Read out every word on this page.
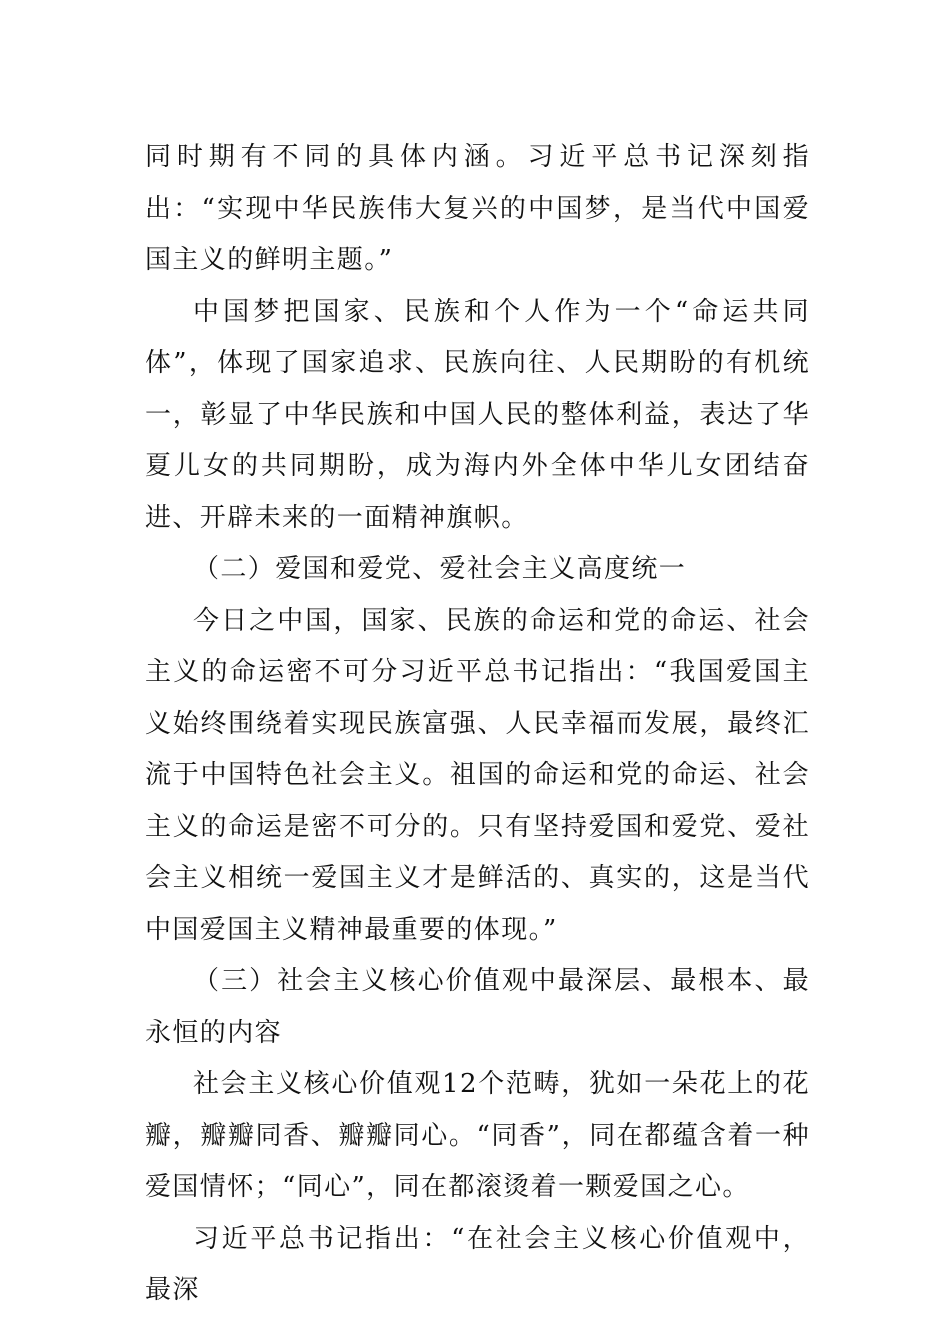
同时期有不同的具体内涵。习近平总书记深刻指出：“实现中华民族伟大复兴的中国梦，是当代中国爱国主义的鲜明主题。”

中国梦把国家、民族和个人作为一个“命运共同体”，体现了国家追求、民族向往、人民期盼的有机统一，彰显了中华民族和中国人民的整体利益，表达了华夏儿女的共同期盼，成为海内外全体中华儿女团结奋进、开辟未来的一面精神旗帜。

（二）爱国和爱党、爱社会主义高度统一

今日之中国，国家、民族的命运和党的命运、社会主义的命运密不可分习近平总书记指出：“我国爱国主义始终围绕着实现民族富强、人民幸福而发展，最终汇流于中国特色社会主义。祖国的命运和党的命运、社会主义的命运是密不可分的。只有坚持爱国和爱党、爱社会主义相统一爱国主义才是鲜活的、真实的，这是当代中国爱国主义精神最重要的体现。”

（三）社会主义核心价值观中最深层、最根本、最永恒的内容

社会主义核心价值观12个范畴，犹如一朵花上的花瓣，瓣瓣同香、瓣瓣同心。“同香”，同在都蕴含着一种爱国情怀；“同心”，同在都滚烫着一颗爱国之心。

习近平总书记指出：“在社会主义核心价值观中，最深
